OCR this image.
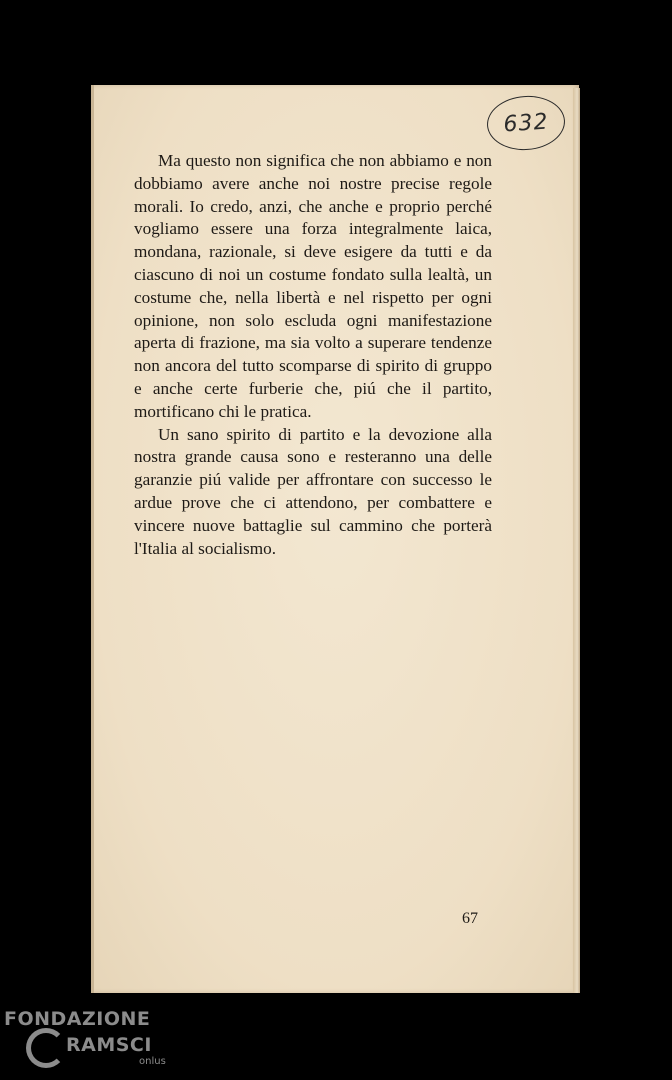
632

Ma questo non significa che non abbiamo e non dobbiamo avere anche noi nostre precise regole morali. Io credo, anzi, che anche e proprio perché vogliamo essere una forza integralmente laica, mondana, razionale, si deve esigere da tutti e da ciascuno di noi un costume fondato sulla lealtà, un costume che, nella libertà e nel rispetto per ogni opinione, non solo escluda ogni manifestazione aperta di frazione, ma sia volto a superare tendenze non ancora del tutto scomparse di spirito di gruppo e anche certe furberie che, piú che il partito, mortificano chi le pratica.

Un sano spirito di partito e la devozione alla nostra grande causa sono e resteranno una delle garanzie piú valide per affrontare con successo le ardue prove che ci attendono, per combattere e vincere nuove battaglie sul cammino che porterà l'Italia al socialismo.

67
FONDAZIONE
RAMSCI
onlus
